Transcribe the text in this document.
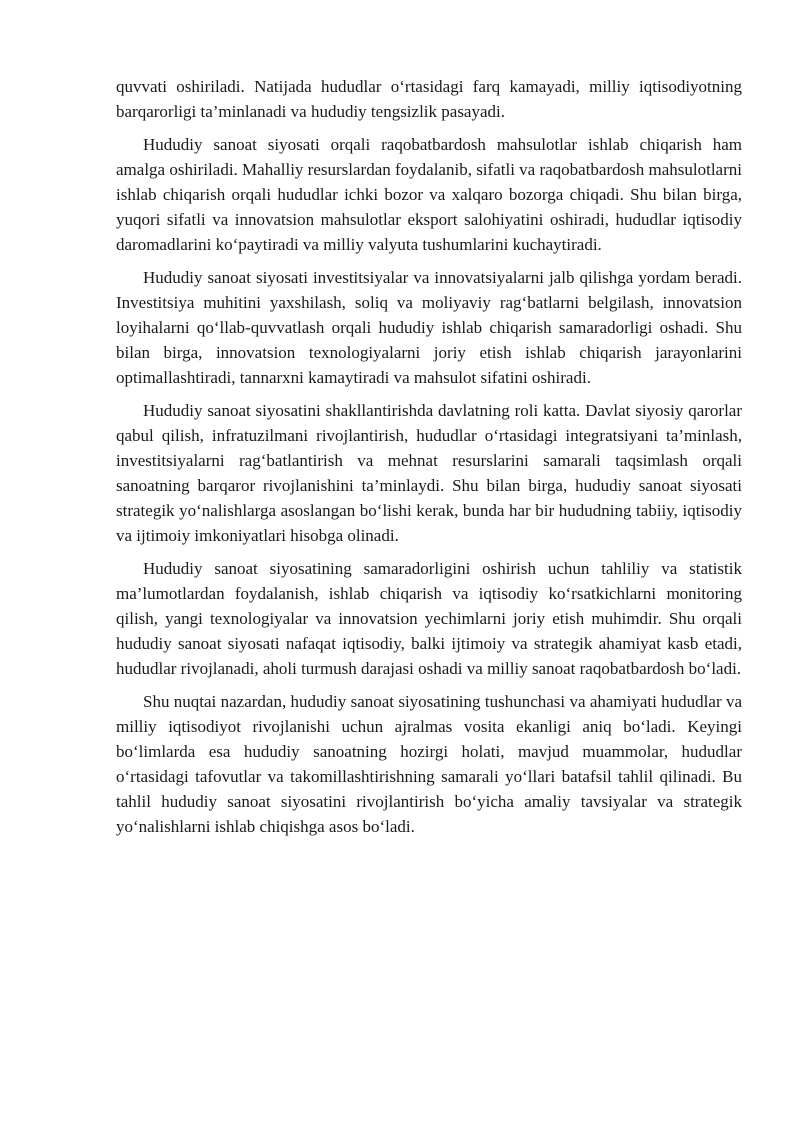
quvvati oshiriladi. Natijada hududlar o‘rtasidagi farq kamayadi, milliy iqtisodiyotning barqarorligi ta’minlanadi va hududiy tengsizlik pasayadi.

Hududiy sanoat siyosati orqali raqobatbardosh mahsulotlar ishlab chiqarish ham amalga oshiriladi. Mahalliy resurslardan foydalanib, sifatli va raqobatbardosh mahsulotlarni ishlab chiqarish orqali hududlar ichki bozor va xalqaro bozorga chiqadi. Shu bilan birga, yuqori sifatli va innovatsion mahsulotlar eksport salohiyatini oshiradi, hududlar iqtisodiy daromadlarini ko‘paytiradi va milliy valyuta tushumlarini kuchaytiradi.

Hududiy sanoat siyosati investitsiyalar va innovatsiyalarni jalb qilishga yordam beradi. Investitsiya muhitini yaxshilash, soliq va moliyaviy rag‘batlarni belgilash, innovatsion loyihalarni qo‘llab-quvvatlash orqali hududiy ishlab chiqarish samaradorligi oshadi. Shu bilan birga, innovatsion texnologiyalarni joriy etish ishlab chiqarish jarayonlarini optimallashtiradi, tannarxni kamaytiradi va mahsulot sifatini oshiradi.

Hududiy sanoat siyosatini shakllantirishda davlatning roli katta. Davlat siyosiy qarorlar qabul qilish, infratuzilmani rivojlantirish, hududlar o‘rtasidagi integratsiyani ta’minlash, investitsiyalarni rag‘batlantirish va mehnat resurslarini samarali taqsimlash orqali sanoatning barqaror rivojlanishini ta’minlaydi. Shu bilan birga, hududiy sanoat siyosati strategik yo‘nalishlarga asoslangan bo‘lishi kerak, bunda har bir hududning tabiiy, iqtisodiy va ijtimoiy imkoniyatlari hisobga olinadi.

Hududiy sanoat siyosatining samaradorligini oshirish uchun tahliliy va statistik ma’lumotlardan foydalanish, ishlab chiqarish va iqtisodiy ko‘rsatkichlarni monitoring qilish, yangi texnologiyalar va innovatsion yechimlarni joriy etish muhimdir. Shu orqali hududiy sanoat siyosati nafaqat iqtisodiy, balki ijtimoiy va strategik ahamiyat kasb etadi, hududlar rivojlanadi, aholi turmush darajasi oshadi va milliy sanoat raqobatbardosh bo‘ladi.

Shu nuqtai nazardan, hududiy sanoat siyosatining tushunchasi va ahamiyati hududlar va milliy iqtisodiyot rivojlanishi uchun ajralmas vosita ekanligi aniq bo‘ladi. Keyingi bo‘limlarda esa hududiy sanoatning hozirgi holati, mavjud muammolar, hududlar o‘rtasidagi tafovutlar va takomillashtirishning samarali yo‘llari batafsil tahlil qilinadi. Bu tahlil hududiy sanoat siyosatini rivojlantirish bo‘yicha amaliy tavsiyalar va strategik yo‘nalishlarni ishlab chiqishga asos bo‘ladi.
